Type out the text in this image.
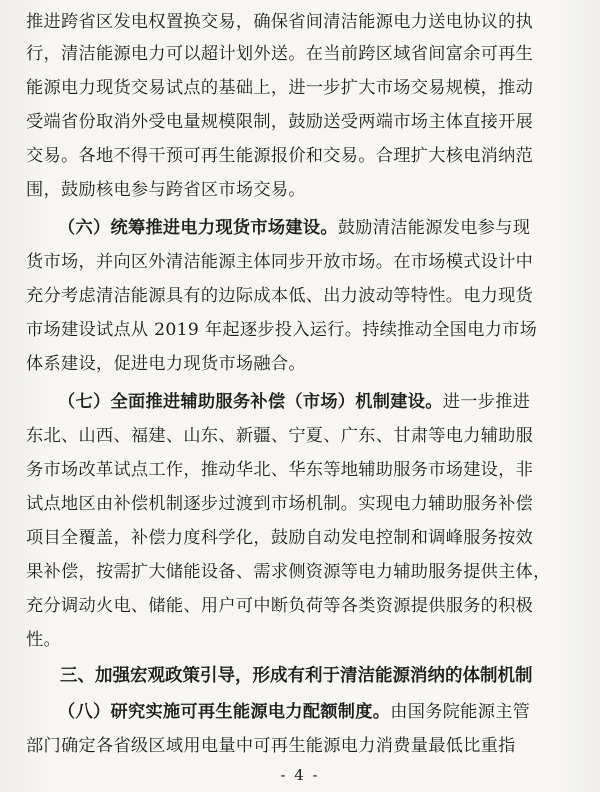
推进跨省区发电权置换交易，确保省间清洁能源电力送电协议的执
行，清洁能源电力可以超计划外送。在当前跨区域省间富余可再生
能源电力现货交易试点的基础上，进一步扩大市场交易规模，推动
受端省份取消外受电量规模限制，鼓励送受两端市场主体直接开展
交易。各地不得干预可再生能源报价和交易。合理扩大核电消纳范
围，鼓励核电参与跨省区市场交易。
（六）统筹推进电力现货市场建设。鼓励清洁能源发电参与现
货市场，并向区外清洁能源主体同步开放市场。在市场模式设计中
充分考虑清洁能源具有的边际成本低、出力波动等特性。电力现货
市场建设试点从 2019 年起逐步投入运行。持续推动全国电力市场
体系建设，促进电力现货市场融合。
（七）全面推进辅助服务补偿（市场）机制建设。进一步推进
东北、山西、福建、山东、新疆、宁夏、广东、甘肃等电力辅助服
务市场改革试点工作，推动华北、华东等地辅助服务市场建设，非
试点地区由补偿机制逐步过渡到市场机制。实现电力辅助服务补偿
项目全覆盖，补偿力度科学化，鼓励自动发电控制和调峰服务按效
果补偿，按需扩大储能设备、需求侧资源等电力辅助服务提供主体，
充分调动火电、储能、用户可中断负荷等各类资源提供服务的积极
性。
三、加强宏观政策引导，形成有利于清洁能源消纳的体制机制
（八）研究实施可再生能源电力配额制度。由国务院能源主管
部门确定各省级区域用电量中可再生能源电力消费量最低比重指
- 4 -
